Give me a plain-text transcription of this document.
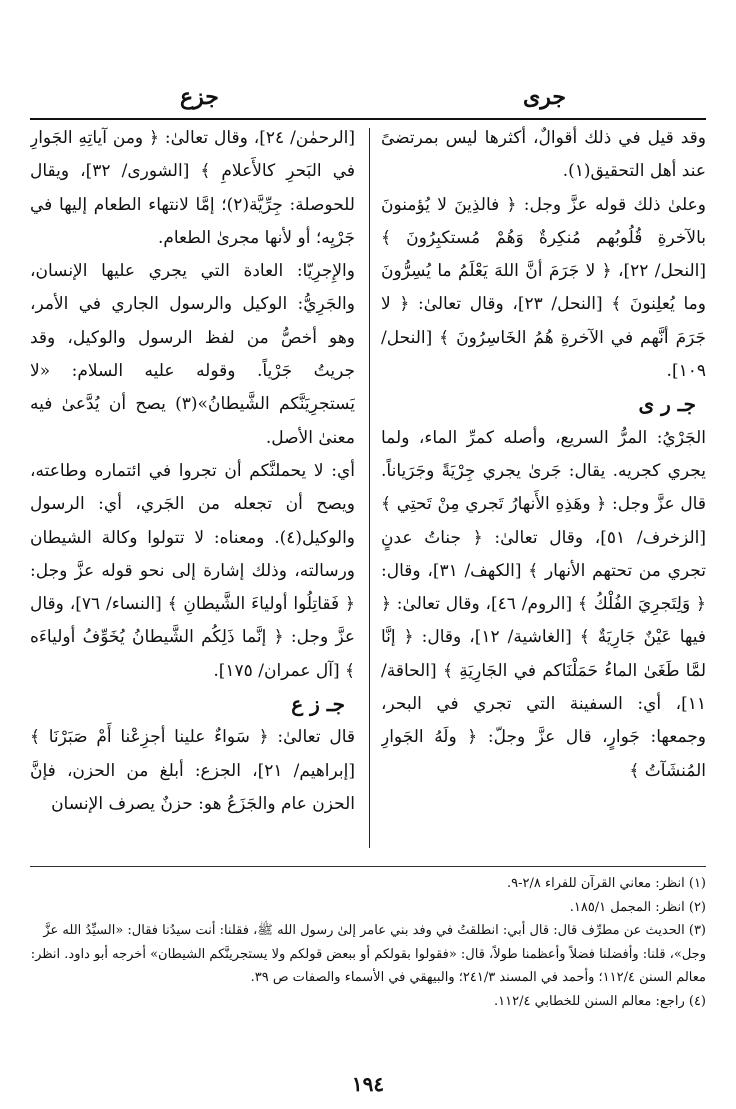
جرى
جزع

وقد قيل في ذلك أقوالٌ، أكثرها ليس بمرتضىً عند أهل التحقيق(١).

وعلىٰ ذلك قوله عزَّ وجل: ﴿ فالذِينَ لا يُؤمنونَ بالآخرةِ قُلُوبُهم مُنكِرةٌ وَهُمْ مُستكبِرُونَ ﴾ [النحل/ ٢٢]، ﴿ لا جَرَمَ أنَّ اللهَ يَعْلَمُ ما يُسِرُّونَ وما يُعلِنونَ ﴾ [النحل/ ٢٣]، وقال تعالىٰ: ﴿ لا جَرَمَ أنَّهم في الآخرةِ هُمُ الخَاسِرُونَ ﴾ [النحل/ ١٠٩].

جـ ر ى

الجَرْيُ: المرُّ السريع، وأصله كمرِّ الماء، ولما يجري كجريه. يقال: جَرىٰ يجري جِرْيَةً وجَرَياناً. قال عزَّ وجل: ﴿ وهَذِهِ الأَنهارُ تَجري مِنْ تَحتِي ﴾ [الزخرف/ ٥١]، وقال تعالىٰ: ﴿ جناتُ عدنٍ تجري من تحتهم الأنهار ﴾ [الكهف/ ٣١]، وقال: ﴿ وَلِتَجرِيَ الفُلْكُ ﴾ [الروم/ ٤٦]، وقال تعالىٰ: ﴿ فيها عَيْنٌ جَارِيَةٌ ﴾ [الغاشية/ ١٢]، وقال: ﴿ إنَّا لمَّا طَغَىٰ الماءُ حَمَلْنَاكم في الجَارِيَةِ ﴾ [الحاقة/ ١١]، أي: السفينة التي تجري في البحر، وجمعها: جَوارٍ، قال عزَّ وجلّ: ﴿ ولَهُ الجَوارِ المُنشَآتُ ﴾

[الرحمٰن/ ٢٤]، وقال تعالىٰ: ﴿ ومن آياتِهِ الجَوارِ في البَحرِ كالأَعلامِ ﴾ [الشورى/ ٣٢]، ويقال للحوصلة: جِرِّيَّة(٢)؛ إمَّا لانتهاء الطعام إليها في جَرْيِه؛ أو لأنها مجرىٰ الطعام.

والإِجرِيّا: العادة التي يجري عليها الإنسان، والجَرِيُّ: الوكيل والرسول الجاري في الأمر، وهو أخصُّ من لفظ الرسول والوكيل، وقد جريتُ جَرْياً. وقوله عليه السلام: «لا يَستجرِيَنَّكم الشَّيطانُ»(٣) يصح أن يُدَّعىٰ فيه معنىٰ الأصل.

أي: لا يحملنَّكم أن تجروا في ائتماره وطاعته، ويصح أن تجعله من الجَري، أي: الرسول والوكيل(٤). ومعناه: لا تتولوا وكالة الشيطان ورسالته، وذلك إشارة إلى نحو قوله عزَّ وجل: ﴿ فَقاتِلُوا أولياءَ الشَّيطانِ ﴾ [النساء/ ٧٦]، وقال عزَّ وجل: ﴿ إنَّما ذَلِكُم الشَّيطانُ يُخَوِّفُ أولياءَه ﴾ [آل عمران/ ١٧٥].

جـ ز ع

قال تعالىٰ: ﴿ سَواءٌ علينا أجزِعْنا أَمْ صَبَرْنَا ﴾ [إبراهيم/ ٢١]، الجزع: أبلغ من الحزن، فإنَّ الحزن عام والجَزَعُ هو: حزنٌ يصرف الإنسان

(١) انظر: معاني القرآن للفراء ٢/٨-٩.

(٢) انظر: المجمل ١٨٥/١.

(٣) الحديث عن مطرِّف قال: قال أبي: انطلقتُ في وفد بني عامر إلىٰ رسول الله ﷺ، فقلنا: أنت سيدُنا فقال: «السيِّدُ الله عزَّ وجل»، قلنا: وأفضلنا فضلاً وأعظمنا طولاً، قال: «فقولوا بقولكم أو ببعض قولكم ولا يستجرينَّكم الشيطان» أخرجه أبو داود. انظر: معالم السنن ١١٢/٤؛ وأحمد في المسند ٢٤١/٣؛ والبيهقي في الأسماء والصفات ص ٣٩.

(٤) راجع: معالم السنن للخطابي ١١٢/٤.

١٩٤
